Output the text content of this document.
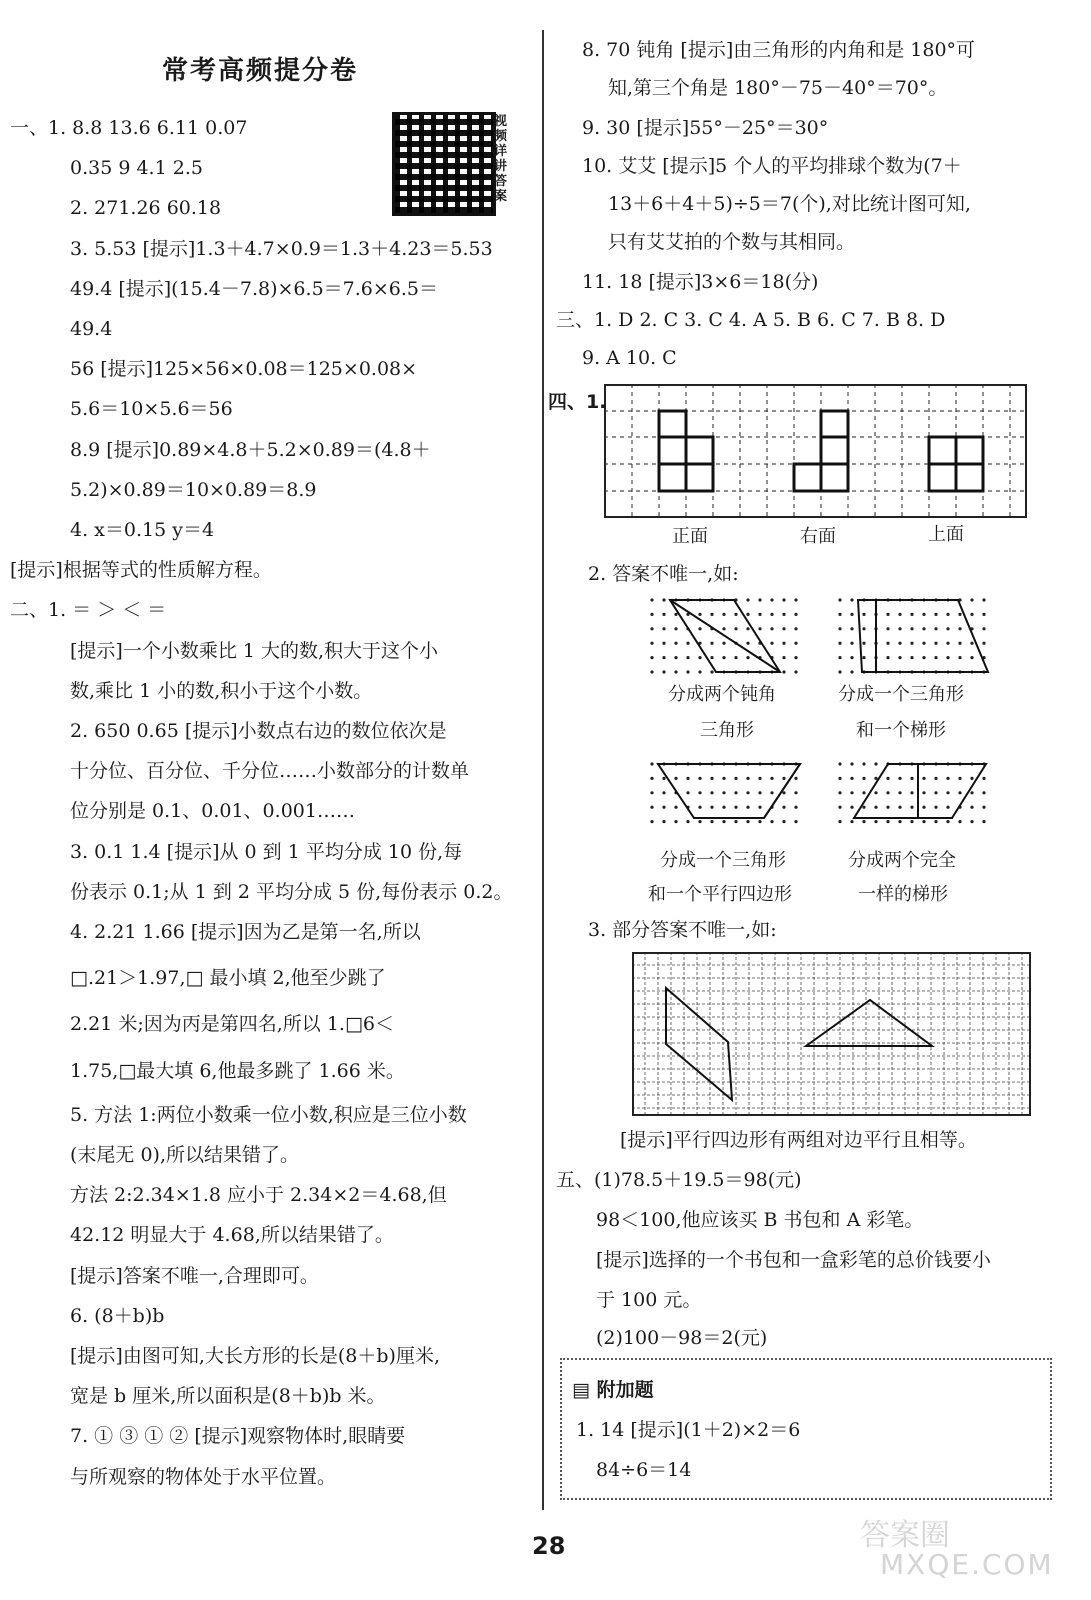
常考高频提分卷
视频详讲答案
一、1. 8.8 13.6 6.11 0.07
0.35 9 4.1 2.5
2. 271.26 60.18
3. 5.53 [提示]1.3＋4.7×0.9＝1.3＋4.23＝5.53
49.4 [提示](15.4－7.8)×6.5＝7.6×6.5＝
49.4
56 [提示]125×56×0.08＝125×0.08×
5.6＝10×5.6＝56
8.9 [提示]0.89×4.8＋5.2×0.89＝(4.8＋
5.2)×0.89＝10×0.89＝8.9
4. x＝0.15 y＝4
[提示]根据等式的性质解方程。
二、1. ＝ ＞ ＜ ＝
[提示]一个小数乘比 1 大的数,积大于这个小
数,乘比 1 小的数,积小于这个小数。
2. 650 0.65 [提示]小数点右边的数位依次是
十分位、百分位、千分位……小数部分的计数单
位分别是 0.1、0.01、0.001……
3. 0.1 1.4 [提示]从 0 到 1 平均分成 10 份,每
份表示 0.1;从 1 到 2 平均分成 5 份,每份表示 0.2。
4. 2.21 1.66 [提示]因为乙是第一名,所以
□.21＞1.97,□ 最小填 2,他至少跳了
2.21 米;因为丙是第四名,所以 1.□6＜
1.75,□最大填 6,他最多跳了 1.66 米。
5. 方法 1:两位小数乘一位小数,积应是三位小数
(末尾无 0),所以结果错了。
方法 2:2.34×1.8 应小于 2.34×2＝4.68,但
42.12 明显大于 4.68,所以结果错了。
[提示]答案不唯一,合理即可。
6. (8＋b)b
[提示]由图可知,大长方形的长是(8＋b)厘米,
宽是 b 厘米,所以面积是(8＋b)b 米。
7. ① ③ ① ② [提示]观察物体时,眼睛要
与所观察的物体处于水平位置。
8. 70 钝角 [提示]由三角形的内角和是 180°可
知,第三个角是 180°－75－40°＝70°。
9. 30 [提示]55°－25°＝30°
10. 艾艾 [提示]5 个人的平均排球个数为(7＋
13＋6＋4＋5)÷5＝7(个),对比统计图可知,
只有艾艾拍的个数与其相同。
11. 18 [提示]3×6＝18(分)
三、1. D 2. C 3. C 4. A 5. B 6. C 7. B 8. D
9. A 10. C
四、1.
正面	右面	上面
2. 答案不唯一,如:
分成两个钝角
三角形
分成一个三角形
和一个梯形
分成一个三角形
和一个平行四边形
分成两个完全
一样的梯形
3. 部分答案不唯一,如:
[提示]平行四边形有两组对边平行且相等。
五、(1)78.5＋19.5＝98(元)
98＜100,他应该买 B 书包和 A 彩笔。
[提示]选择的一个书包和一盒彩笔的总价钱要小
于 100 元。
(2)100－98＝2(元)
▤ 附加题
1. 14 [提示](1＋2)×2＝6
84÷6＝14
28	答案圈
MXQE.COM
